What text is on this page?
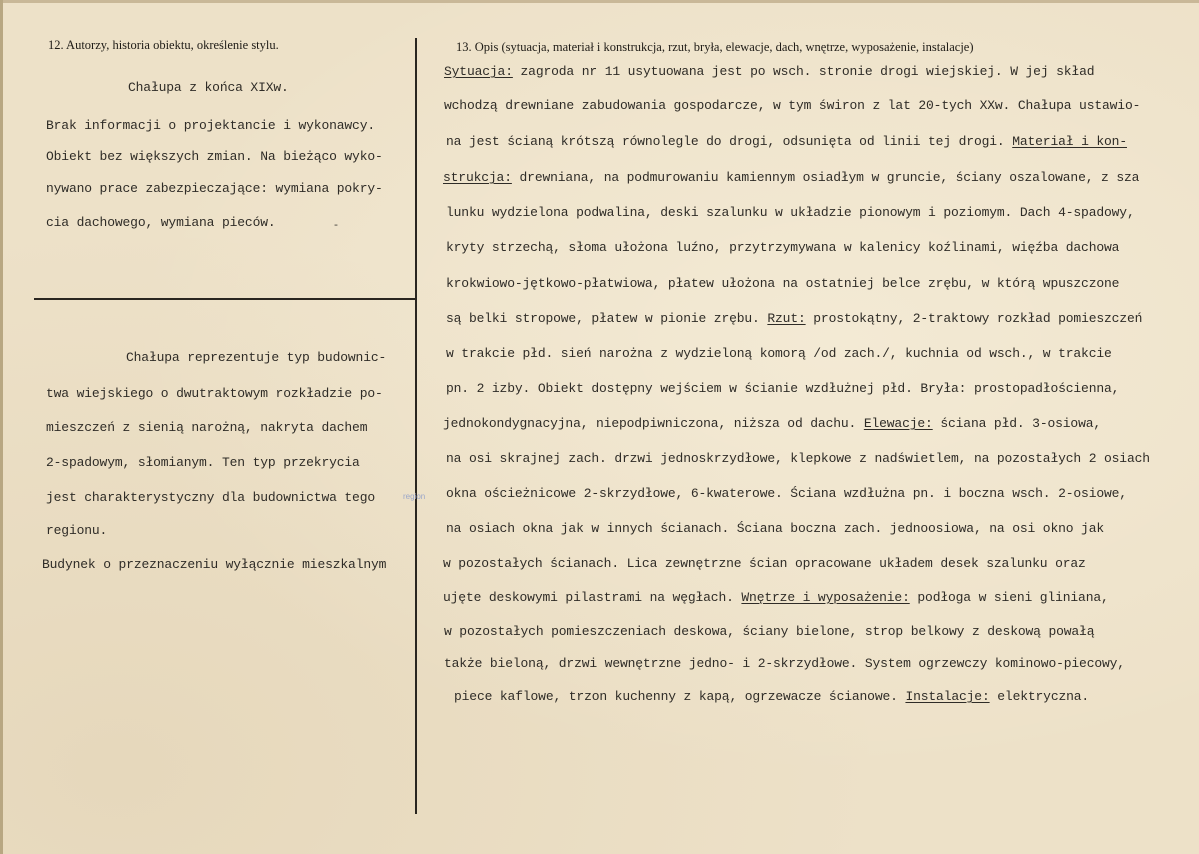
12. Autorzy, historia obiektu, określenie stylu.	13. Opis (sytuacja, materiał i konstrukcja, rzut, bryła, elewacje, dach, wnętrze, wyposażenie, instalacje)
Chałupa z końca XIXw.
Brak informacji o projektancie i wykonawcy.
Obiekt bez większych zmian. Na bieżąco wyko-
nywano prace zabezpieczające: wymiana pokry-
cia dachowego, wymiana pieców.	-
Chałupa reprezentuje typ budownic-
twa wiejskiego o dwutraktowym rozkładzie po-
mieszczeń z sienią narożną, nakryta dachem
2-spadowym, słomianym. Ten typ przekrycia
jest charakterystyczny dla budownictwa tego
regionu.
Budynek o przeznaczeniu wyłącznie mieszkalnym
region
Sytuacja: zagroda nr 11 usytuowana jest po wsch. stronie drogi wiejskiej. W jej skład
wchodzą drewniane zabudowania gospodarcze, w tym świron z lat 20-tych XXw. Chałupa ustawio-
na jest ścianą krótszą równolegle do drogi, odsunięta od linii tej drogi. Materiał i kon-
strukcja: drewniana, na podmurowaniu kamiennym osiadłym w gruncie, ściany oszalowane, z sza
lunku wydzielona podwalina, deski szalunku w układzie pionowym i poziomym. Dach 4-spadowy,
kryty strzechą, słoma ułożona luźno, przytrzymywana w kalenicy koźlinami, więźba dachowa
krokwiowo-jętkowo-płatwiowa, płatew ułożona na ostatniej belce zrębu, w którą wpuszczone
są belki stropowe, płatew w pionie zrębu. Rzut: prostokątny, 2-traktowy rozkład pomieszczeń
w trakcie płd. sień narożna z wydzieloną komorą /od zach./, kuchnia od wsch., w trakcie
pn. 2 izby. Obiekt dostępny wejściem w ścianie wzdłużnej płd. Bryła: prostopadłościenna,
jednokondygnacyjna, niepodpiwniczona, niższa od dachu. Elewacje: ściana płd. 3-osiowa,
na osi skrajnej zach. drzwi jednoskrzydłowe, klepkowe z nadświetlem, na pozostałych 2 osiach
okna ościeżnicowe 2-skrzydłowe, 6-kwaterowe. Ściana wzdłużna pn. i boczna wsch. 2-osiowe,
na osiach okna jak w innych ścianach. Ściana boczna zach. jednoosiowa, na osi okno jak
w pozostałych ścianach. Lica zewnętrzne ścian opracowane układem desek szalunku oraz
ujęte deskowymi pilastrami na węgłach. Wnętrze i wyposażenie: podłoga w sieni gliniana,
w pozostałych pomieszczeniach deskowa, ściany bielone, strop belkowy z deskową powałą
także bieloną, drzwi wewnętrzne jedno- i 2-skrzydłowe. System ogrzewczy kominowo-piecowy,
piece kaflowe, trzon kuchenny z kapą, ogrzewacze ścianowe. Instalacje: elektryczna.
